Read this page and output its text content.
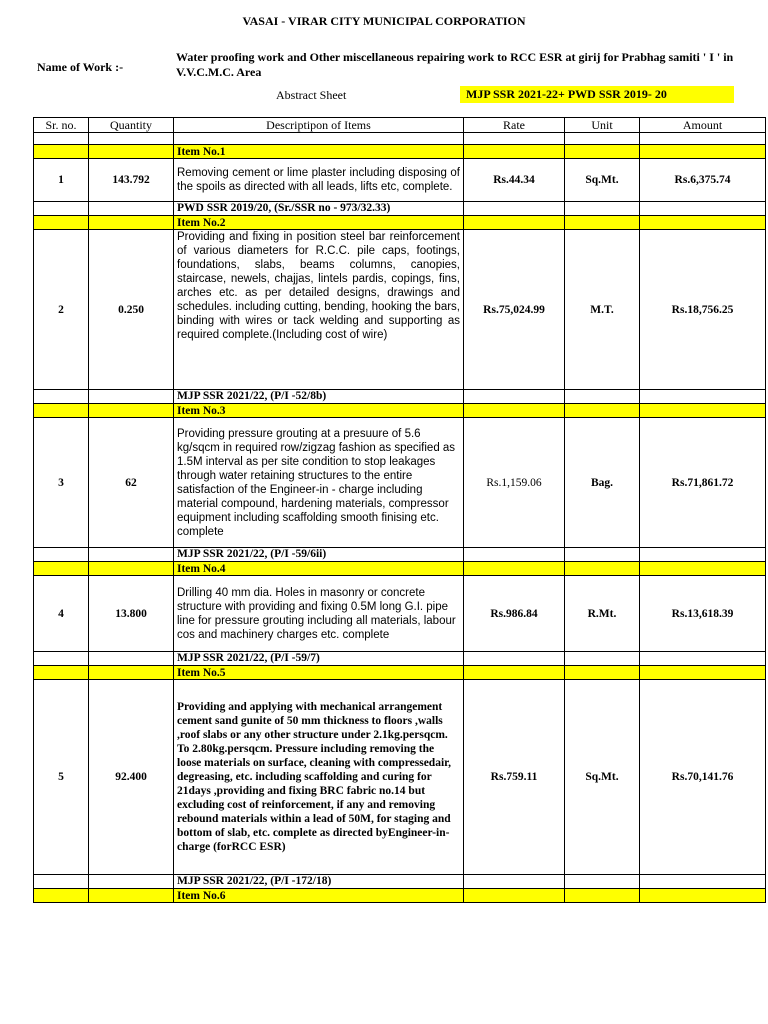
VASAI - VIRAR CITY MUNICIPAL CORPORATION
Name of Work :-
Water proofing work and Other miscellaneous repairing work to RCC ESR at girij for Prabhag samiti ' I ' in V.V.C.M.C. Area
Abstract Sheet	MJP SSR 2021-22+ PWD SSR 2019- 20
Sr. no.	Quantity	Descriptipon of Items	Rate	Unit	Amount

		Item No.1			
1	143.792	Removing cement or lime plaster including disposing of the spoils as directed with all leads, lifts etc, complete.	Rs.44.34	Sq.Mt.	Rs.6,375.74
		PWD SSR 2019/20, (Sr./SSR no - 973/32.33)			
		Item No.2			
2	0.250	Providing and fixing in position steel bar reinforcement of various diameters for R.C.C. pile caps, footings, foundations, slabs, beams columns, canopies, staircase, newels, chajjas, lintels pardis, copings, fins, arches etc. as per detailed designs, drawings and schedules. including cutting, bending, hooking the bars, binding with wires or tack welding and supporting as required complete.(Including cost of wire)	Rs.75,024.99	M.T.	Rs.18,756.25
		MJP SSR 2021/22, (P/I -52/8b)			
		Item No.3			
3	62	Providing pressure grouting at a presuure of 5.6 kg/sqcm in required row/zigzag fashion as specified as 1.5M interval as per site condition to stop leakages through water retaining structures to the entire satisfaction of the Engineer-in - charge including material compound, hardening materials, compressor equipment including scaffolding smooth finising etc. complete	Rs.1,159.06	Bag.	Rs.71,861.72
		MJP SSR 2021/22, (P/I -59/6ii)			
		Item No.4			
4	13.800	Drilling 40 mm dia. Holes in masonry or concrete structure with providing and fixing 0.5M long G.I. pipe line for pressure grouting including all materials, labour cos and machinery charges etc. complete	Rs.986.84	R.Mt.	Rs.13,618.39
		MJP SSR 2021/22, (P/I -59/7)			
		Item No.5			
5	92.400	Providing and applying with mechanical arrangement cement sand gunite of 50 mm thickness to floors ,walls ,roof slabs or any other structure under 2.1kg.persqcm. To 2.80kg.persqcm. Pressure including removing the loose materials on surface, cleaning with compressedair, degreasing, etc. including scaffolding and curing for 21days ,providing and fixing BRC fabric no.14 but excluding cost of reinforcement, if any and removing rebound materials within a lead of 50M, for staging and bottom of slab, etc. complete as directed byEngineer-in-charge (forRCC ESR)	Rs.759.11	Sq.Mt.	Rs.70,141.76
		MJP SSR 2021/22, (P/I -172/18)			
		Item No.6			
